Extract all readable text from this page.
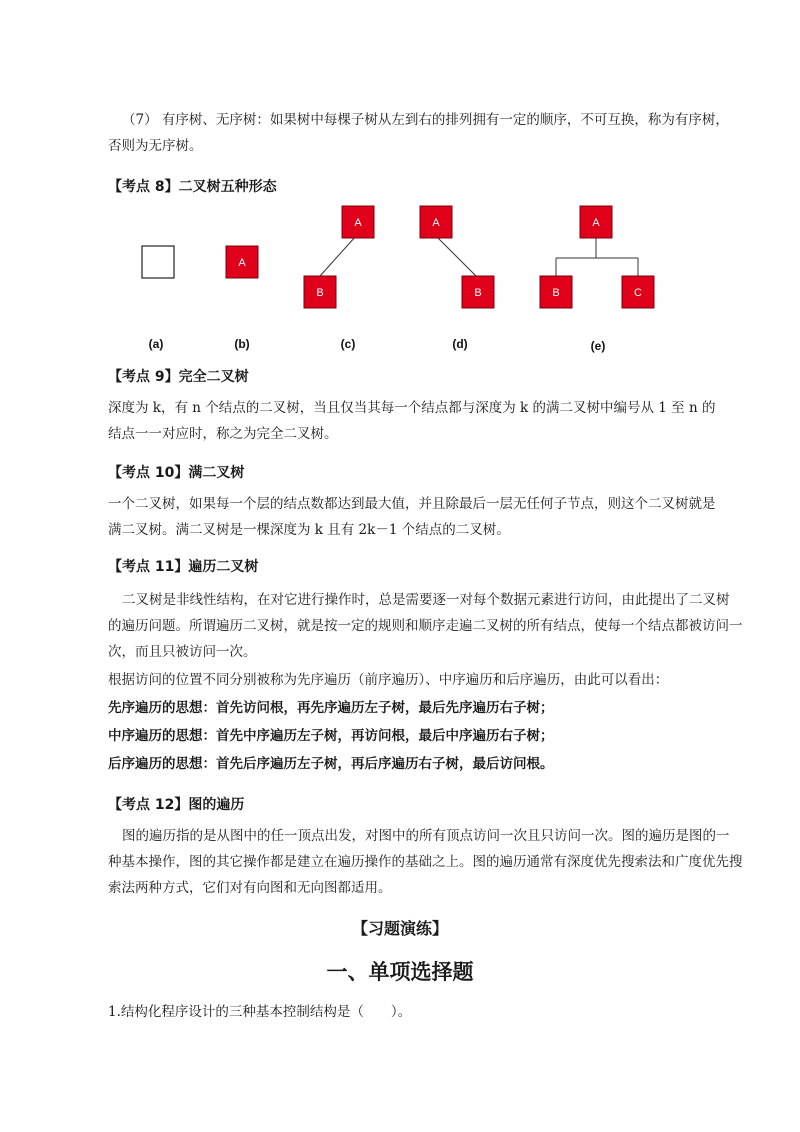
（7） 有序树、无序树：如果树中每棵子树从左到右的排列拥有一定的顺序，不可互换，称为有序树，
否则为无序树。
【考点 8】二叉树五种形态
A
A
B
A
B
A
B	C
(a)	(b)	(c)	(d)	(e)
【考点 9】完全二叉树
深度为 k，有 n 个结点的二叉树，当且仅当其每一个结点都与深度为 k 的满二叉树中编号从 1 至 n 的
结点一一对应时，称之为完全二叉树。
【考点 10】满二叉树
一个二叉树，如果每一个层的结点数都达到最大值，并且除最后一层无任何子节点，则这个二叉树就是
满二叉树。满二叉树是一棵深度为 k 且有 2k－1 个结点的二叉树。
【考点 11】遍历二叉树
二叉树是非线性结构，在对它进行操作时，总是需要逐一对每个数据元素进行访问，由此提出了二叉树
的遍历问题。所谓遍历二叉树，就是按一定的规则和顺序走遍二叉树的所有结点，使每一个结点都被访问一
次，而且只被访问一次。
根据访问的位置不同分别被称为先序遍历（前序遍历）、中序遍历和后序遍历，由此可以看出：
先序遍历的思想：首先访问根，再先序遍历左子树，最后先序遍历右子树；
中序遍历的思想：首先中序遍历左子树，再访问根，最后中序遍历右子树；
后序遍历的思想：首先后序遍历左子树，再后序遍历右子树，最后访问根。
【考点 12】图的遍历
图的遍历指的是从图中的任一顶点出发，对图中的所有顶点访问一次且只访问一次。图的遍历是图的一
种基本操作，图的其它操作都是建立在遍历操作的基础之上。图的遍历通常有深度优先搜索法和广度优先搜
索法两种方式，它们对有向图和无向图都适用。
【习题演练】
一、单项选择题
1.结构化程序设计的三种基本控制结构是（　　）。
